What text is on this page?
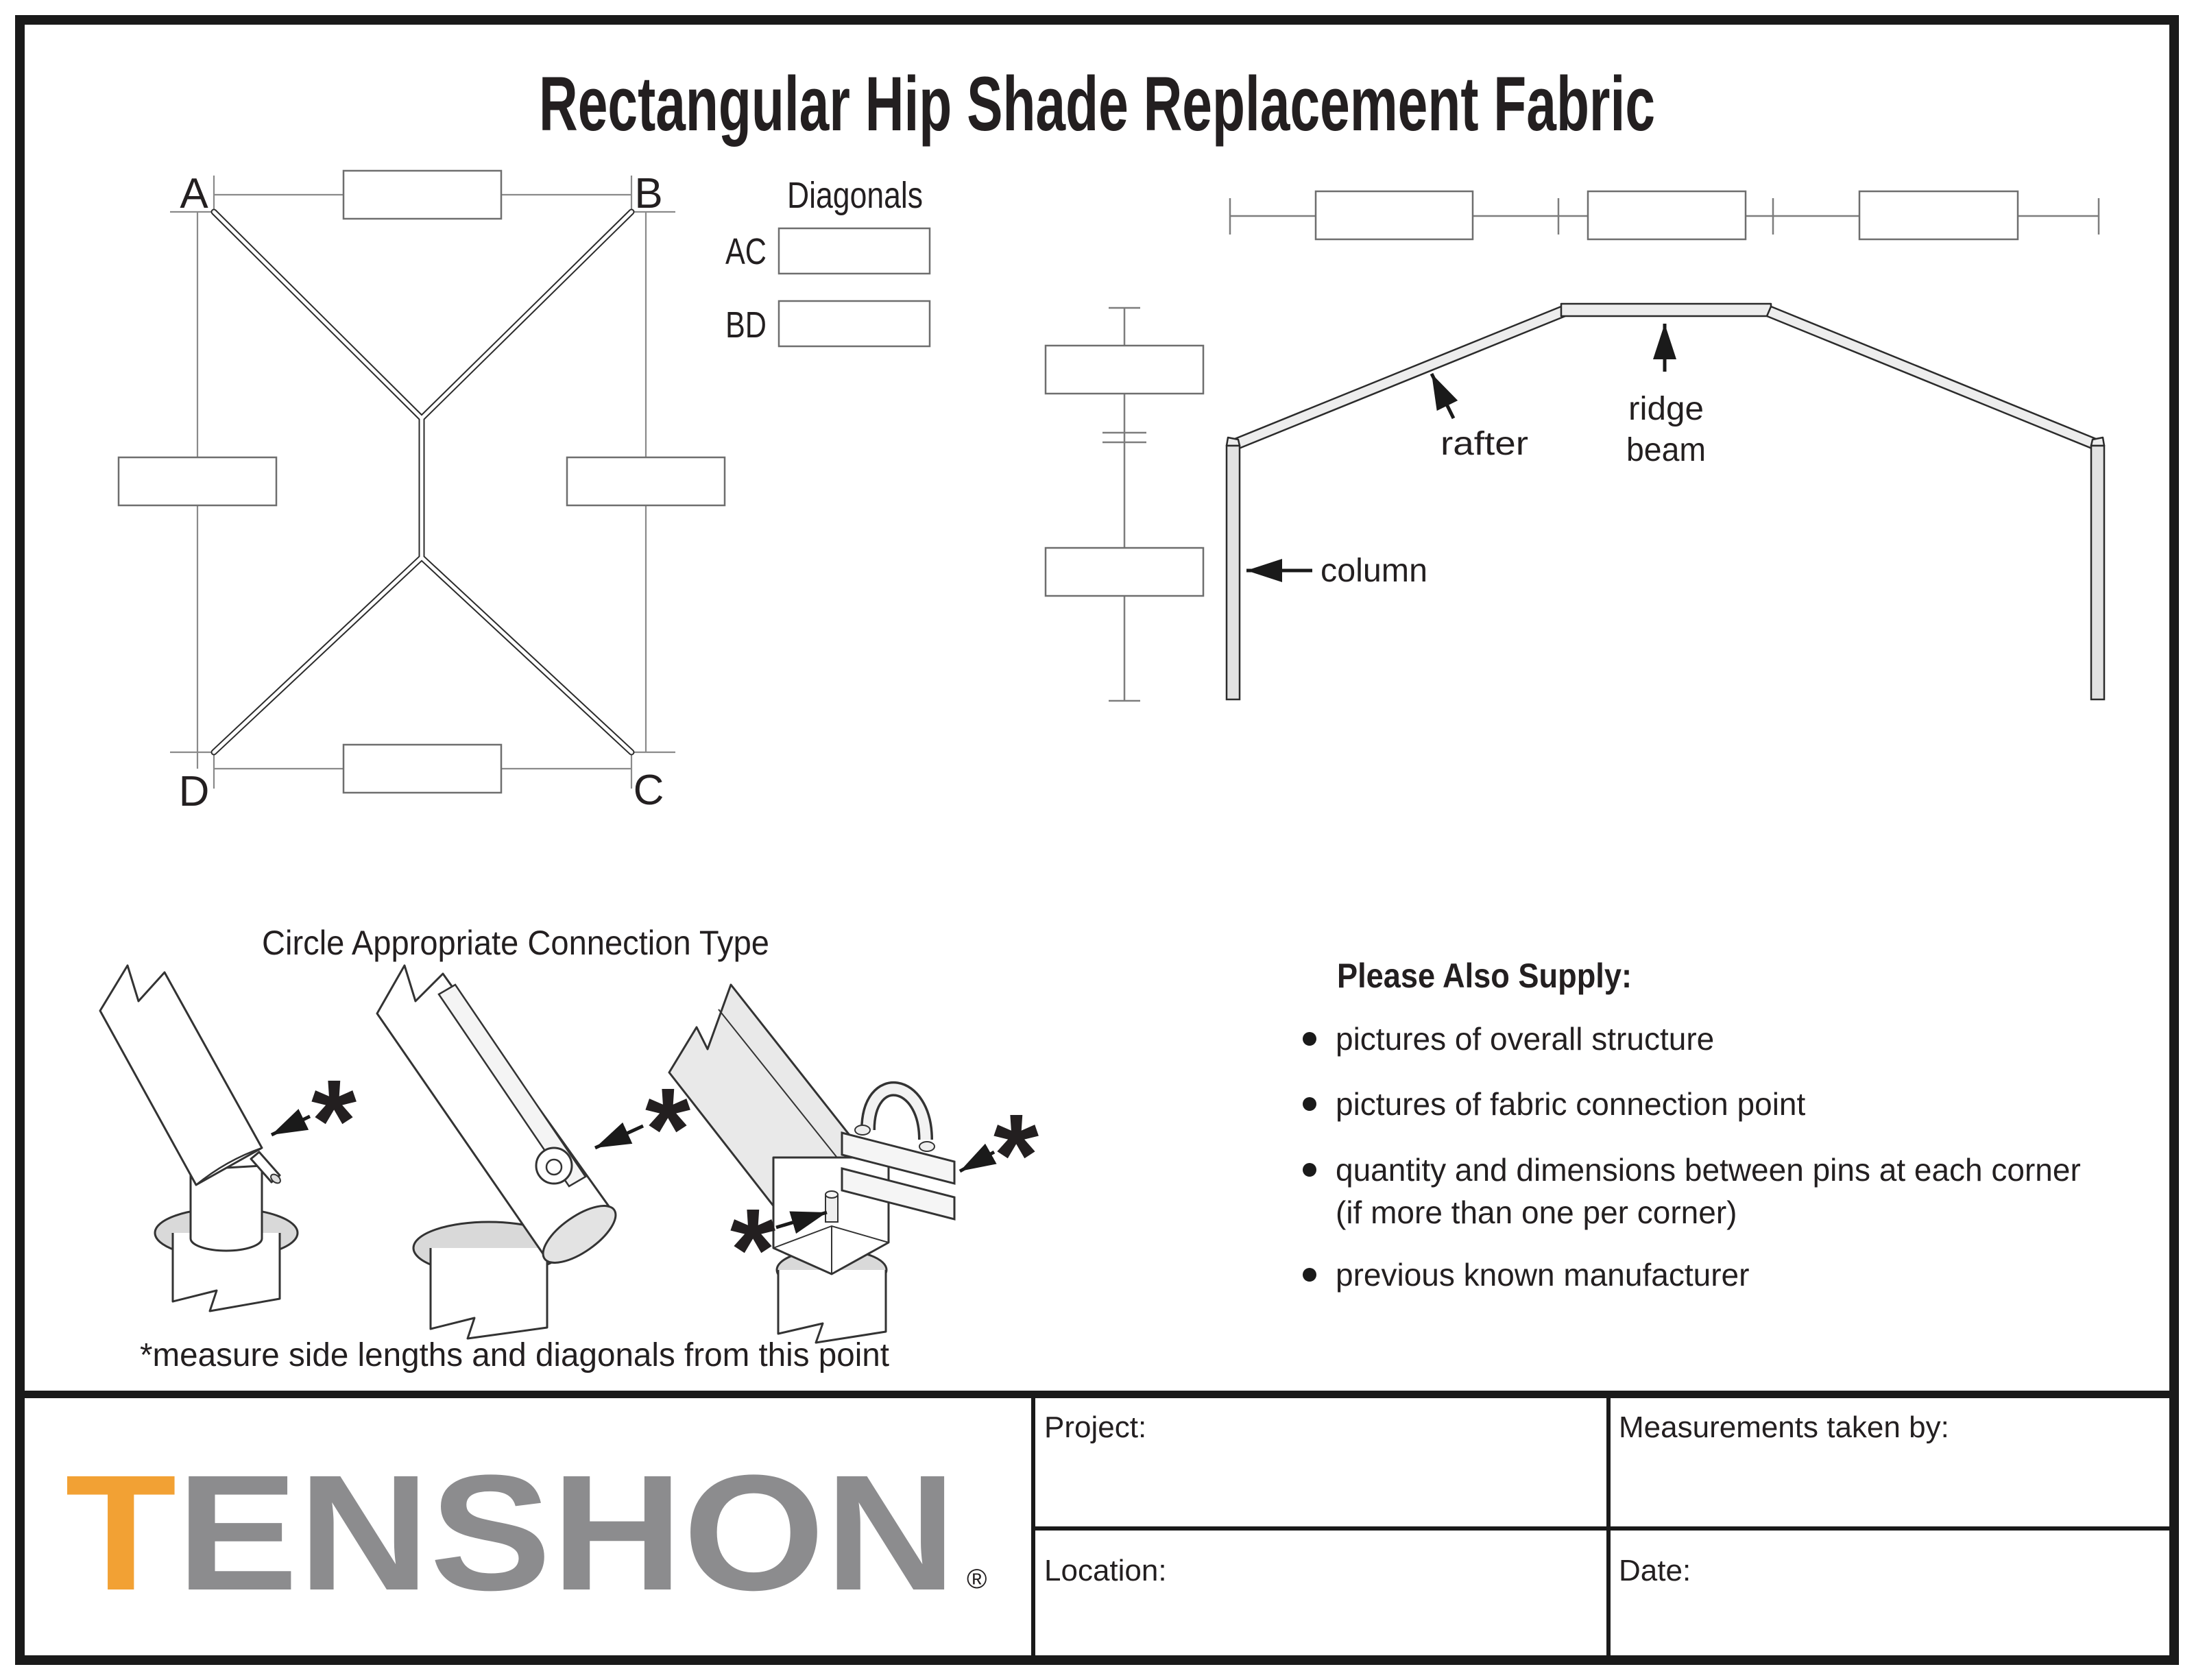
Rectangular Hip Shade Replacement Fabric
A	B
D	C
Diagonals
AC
BD
rafter
ridge
beam
column
Circle Appropriate Connection Type
* *	*
*
*measure side lengths and diagonals from this point
Please Also Supply:
pictures of overall structure
pictures of fabric connection point
quantity and dimensions between pins at each corner
(if more than one per corner)
previous known manufacturer
Project:	Measurements taken by:
Location:	Date:
TENSHON	®
